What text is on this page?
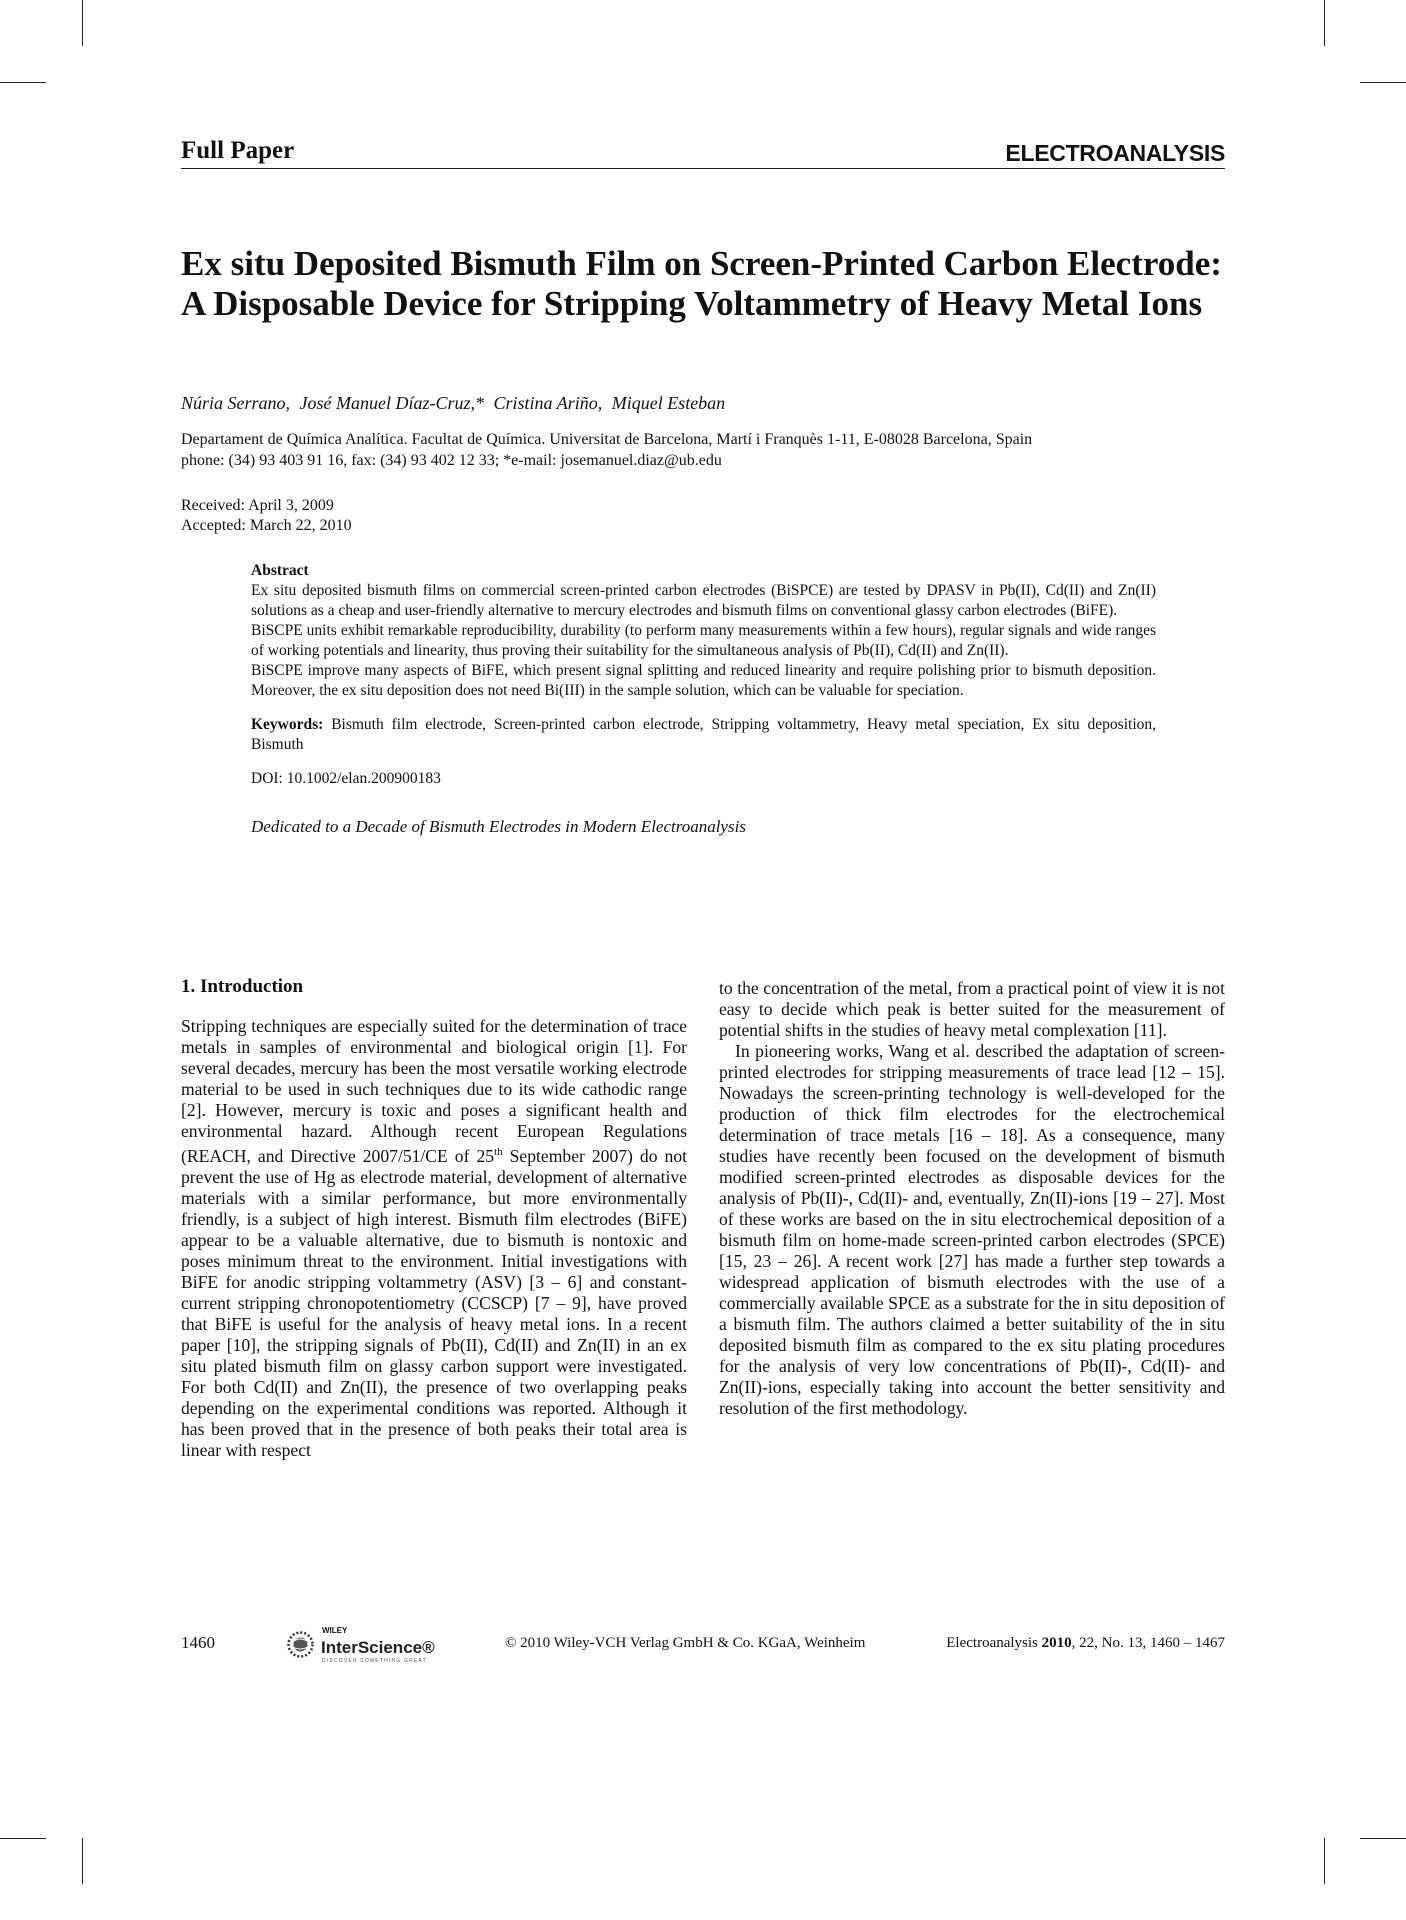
Full Paper	ELECTROANALYSIS
Ex situ Deposited Bismuth Film on Screen-Printed Carbon Electrode: A Disposable Device for Stripping Voltammetry of Heavy Metal Ions
Núria Serrano, José Manuel Díaz-Cruz,* Cristina Ariño, Miquel Esteban
Departament de Química Analítica. Facultat de Química. Universitat de Barcelona, Martí i Franquès 1-11, E-08028 Barcelona, Spain
phone: (34) 93 403 91 16, fax: (34) 93 402 12 33; *e-mail: josemanuel.diaz@ub.edu
Received: April 3, 2009
Accepted: March 22, 2010
Abstract

Ex situ deposited bismuth films on commercial screen-printed carbon electrodes (BiSPCE) are tested by DPASV in Pb(II), Cd(II) and Zn(II) solutions as a cheap and user-friendly alternative to mercury electrodes and bismuth films on conventional glassy carbon electrodes (BiFE).

BiSCPE units exhibit remarkable reproducibility, durability (to perform many measurements within a few hours), regular signals and wide ranges of working potentials and linearity, thus proving their suitability for the simultaneous analysis of Pb(II), Cd(II) and Zn(II).

BiSCPE improve many aspects of BiFE, which present signal splitting and reduced linearity and require polishing prior to bismuth deposition. Moreover, the ex situ deposition does not need Bi(III) in the sample solution, which can be valuable for speciation.

Keywords: Bismuth film electrode, Screen-printed carbon electrode, Stripping voltammetry, Heavy metal speciation, Ex situ deposition, Bismuth

DOI: 10.1002/elan.200900183

Dedicated to a Decade of Bismuth Electrodes in Modern Electroanalysis

1. Introduction

Stripping techniques are especially suited for the determination of trace metals in samples of environmental and biological origin [1]. For several decades, mercury has been the most versatile working electrode material to be used in such techniques due to its wide cathodic range [2]. However, mercury is toxic and poses a significant health and environmental hazard. Although recent European Regulations (REACH, and Directive 2007/51/CE of 25th September 2007) do not prevent the use of Hg as electrode material, development of alternative materials with a similar performance, but more environmentally friendly, is a subject of high interest. Bismuth film electrodes (BiFE) appear to be a valuable alternative, due to bismuth is nontoxic and poses minimum threat to the environment. Initial investigations with BiFE for anodic stripping voltammetry (ASV) [3 – 6] and constant-current stripping chronopotentiometry (CCSCP) [7 – 9], have proved that BiFE is useful for the analysis of heavy metal ions. In a recent paper [10], the stripping signals of Pb(II), Cd(II) and Zn(II) in an ex situ plated bismuth film on glassy carbon support were investigated. For both Cd(II) and Zn(II), the presence of two overlapping peaks depending on the experimental conditions was reported. Although it has been proved that in the presence of both peaks their total area is linear with respect

to the concentration of the metal, from a practical point of view it is not easy to decide which peak is better suited for the measurement of potential shifts in the studies of heavy metal complexation [11].

In pioneering works, Wang et al. described the adaptation of screen-printed electrodes for stripping measurements of trace lead [12 – 15]. Nowadays the screen-printing technology is well-developed for the production of thick film electrodes for the electrochemical determination of trace metals [16 – 18]. As a consequence, many studies have recently been focused on the development of bismuth modified screen-printed electrodes as disposable devices for the analysis of Pb(II)-, Cd(II)- and, eventually, Zn(II)-ions [19 – 27]. Most of these works are based on the in situ electrochemical deposition of a bismuth film on home-made screen-printed carbon electrodes (SPCE) [15, 23 – 26]. A recent work [27] has made a further step towards a widespread application of bismuth electrodes with the use of a commercially available SPCE as a substrate for the in situ deposition of a bismuth film. The authors claimed a better suitability of the in situ deposited bismuth film as compared to the ex situ plating procedures for the analysis of very low concentrations of Pb(II)-, Cd(II)- and Zn(II)-ions, especially taking into account the better sensitivity and resolution of the first methodology.

1460
WILEY
InterScience®
DISCOVER SOMETHING GREAT
© 2010 Wiley-VCH Verlag GmbH & Co. KGaA, Weinheim	Electroanalysis 2010, 22, No. 13, 1460 – 1467
